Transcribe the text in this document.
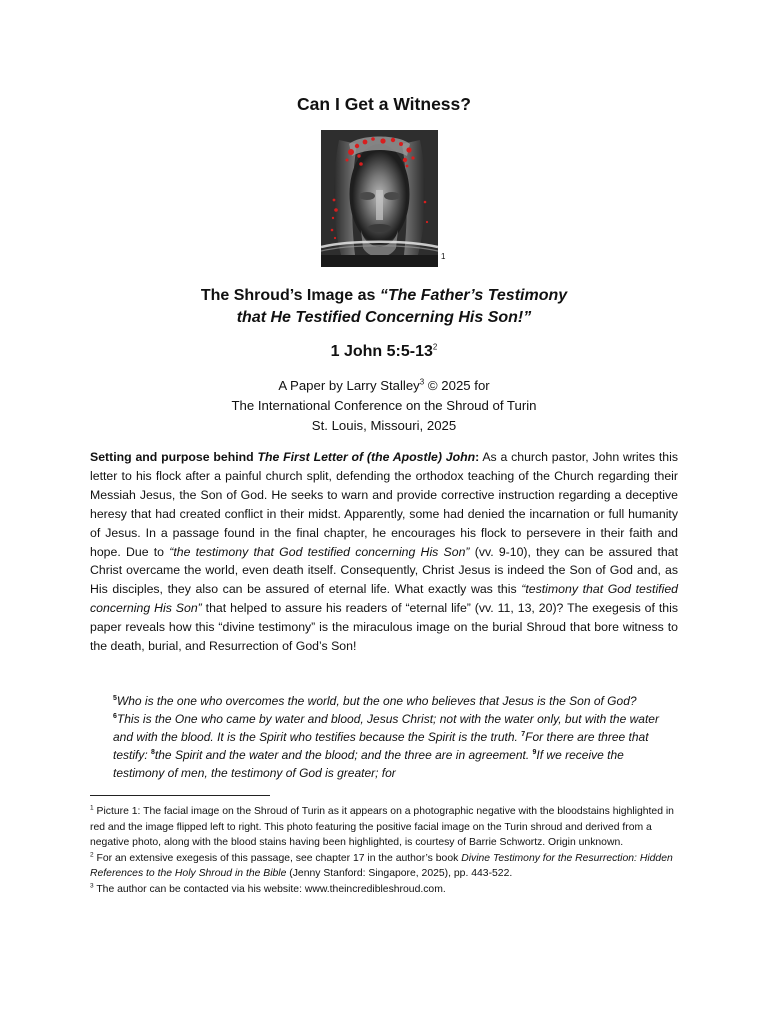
Can I Get a Witness?
1
The Shroud’s Image as “The Father’s Testimony
that He Testified Concerning His Son!”
1 John $5:5-13^2$
A Paper by Larry Stalley$^3$ © 2025 for
The International Conference on the Shroud of Turin
St. Louis, Missouri, 2025
Setting and purpose behind The First Letter of (the Apostle) John: As a church pastor, John writes this letter to his flock after a painful church split, defending the orthodox teaching of the Church regarding their Messiah Jesus, the Son of God. He seeks to warn and provide corrective instruction regarding a deceptive heresy that had created conflict in their midst. Apparently, some had denied the incarnation or full humanity of Jesus. In a passage found in the final chapter, he encourages his flock to persevere in their faith and hope. Due to “the testimony that God testified concerning His Son” (vv. 9-10), they can be assured that Christ overcame the world, even death itself. Consequently, Christ Jesus is indeed the Son of God and, as His disciples, they also can be assured of eternal life. What exactly was this “testimony that God testified concerning His Son” that helped to assure his readers of “eternal life” (vv. 11, 13, 20)? The exegesis of this paper reveals how this “divine testimony” is the miraculous image on the burial Shroud that bore witness to the death, burial, and Resurrection of God’s Son!
$^5$Who is the one who overcomes the world, but the one who believes that Jesus is the Son of God? $^6$This is the One who came by water and blood, Jesus Christ; not with the water only, but with the water and with the blood. It is the Spirit who testifies because the Spirit is the truth. $^7$For there are three that testify: $^8$the Spirit and the water and the blood; and the three are in agreement. $^9$If we receive the testimony of men, the testimony of God is greater; for
$^1$ Picture 1: The facial image on the Shroud of Turin as it appears on a photographic negative with the bloodstains highlighted in red and the image flipped left to right. This photo featuring the positive facial image on the Turin shroud and derived from a negative photo, along with the blood stains having been highlighted, is courtesy of Barrie Schwortz. Origin unknown.
$^2$ For an extensive exegesis of this passage, see chapter 17 in the author’s book Divine Testimony for the Resurrection: Hidden References to the Holy Shroud in the Bible (Jenny Stanford: Singapore, 2025), pp. 443-522.
$^3$ The author can be contacted via his website: www.theincredibleshroud.com.
